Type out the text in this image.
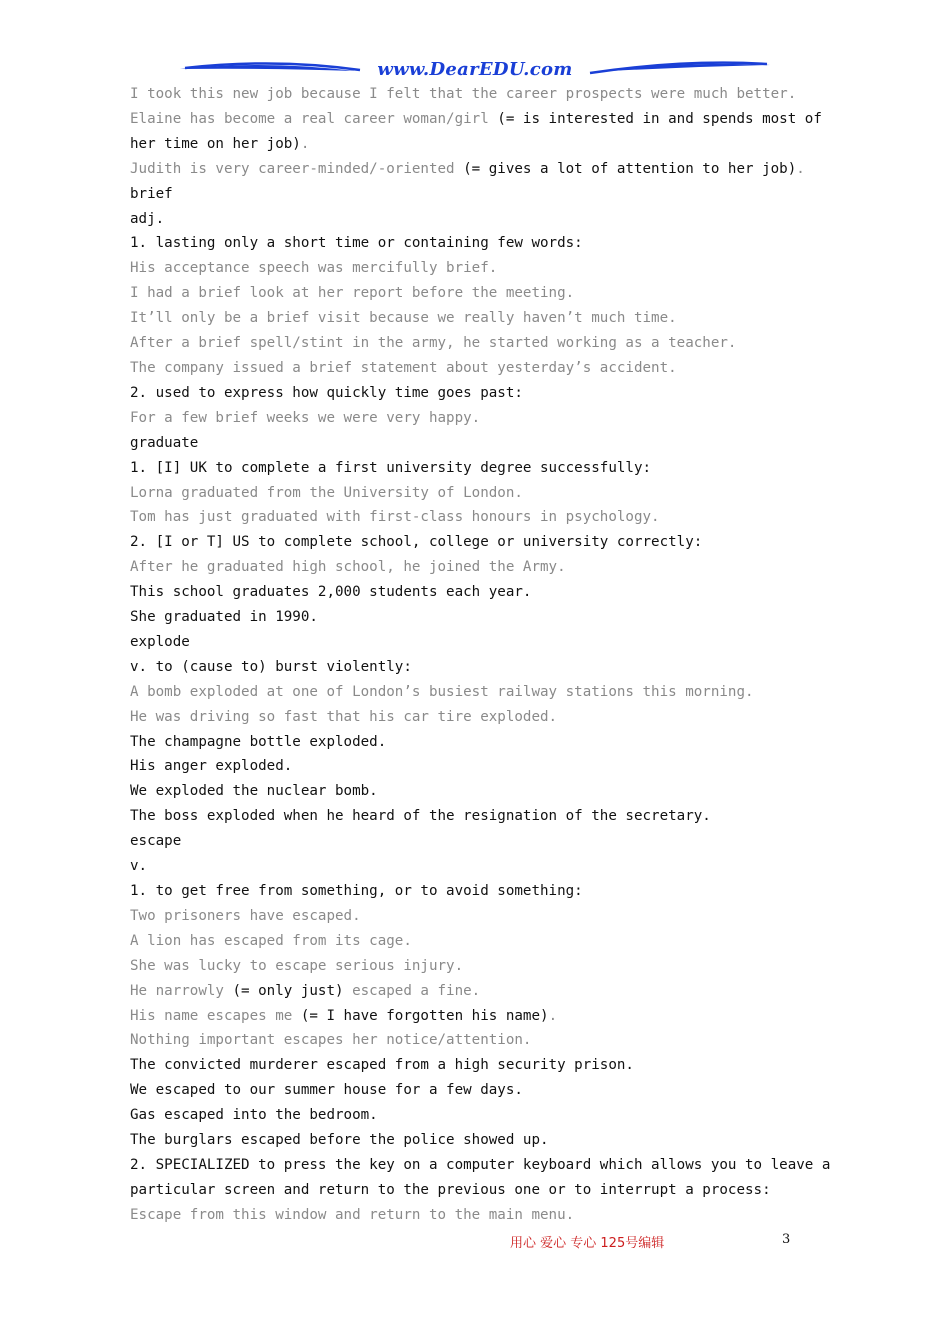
www.DearEDU.com
I took this new job because I felt that the career prospects were much better.
Elaine has become a real career woman/girl (= is interested in and spends most of
her time on her job).
Judith is very career-minded/-oriented (= gives a lot of attention to her job).
brief
adj.
1. lasting only a short time or containing few words:
His acceptance speech was mercifully brief.
I had a brief look at her report before the meeting.
It’ll only be a brief visit because we really haven’t much time.
After a brief spell/stint in the army, he started working as a teacher.
The company issued a brief statement about yesterday’s accident.
2. used to express how quickly time goes past:
For a few brief weeks we were very happy.
graduate
1. [I] UK to complete a first university degree successfully:
Lorna graduated from the University of London.
Tom has just graduated with first-class honours in psychology.
2. [I or T] US to complete school, college or university correctly:
After he graduated high school, he joined the Army.
This school graduates 2,000 students each year.
She graduated in 1990.
explode
v. to (cause to) burst violently:
A bomb exploded at one of London’s busiest railway stations this morning.
He was driving so fast that his car tire exploded.
The champagne bottle exploded.
His anger exploded.
We exploded the nuclear bomb.
The boss exploded when he heard of the resignation of the secretary.
escape
v.
1. to get free from something, or to avoid something:
Two prisoners have escaped.
A lion has escaped from its cage.
She was lucky to escape serious injury.
He narrowly (= only just) escaped a fine.
His name escapes me (= I have forgotten his name).
Nothing important escapes her notice/attention.
The convicted murderer escaped from a high security prison.
We escaped to our summer house for a few days.
Gas escaped into the bedroom.
The burglars escaped before the police showed up.
2. SPECIALIZED to press the key on a computer keyboard which allows you to leave a
particular screen and return to the previous one or to interrupt a process:
Escape from this window and return to the main menu.
用心 爱心 专心 125号编辑	3
